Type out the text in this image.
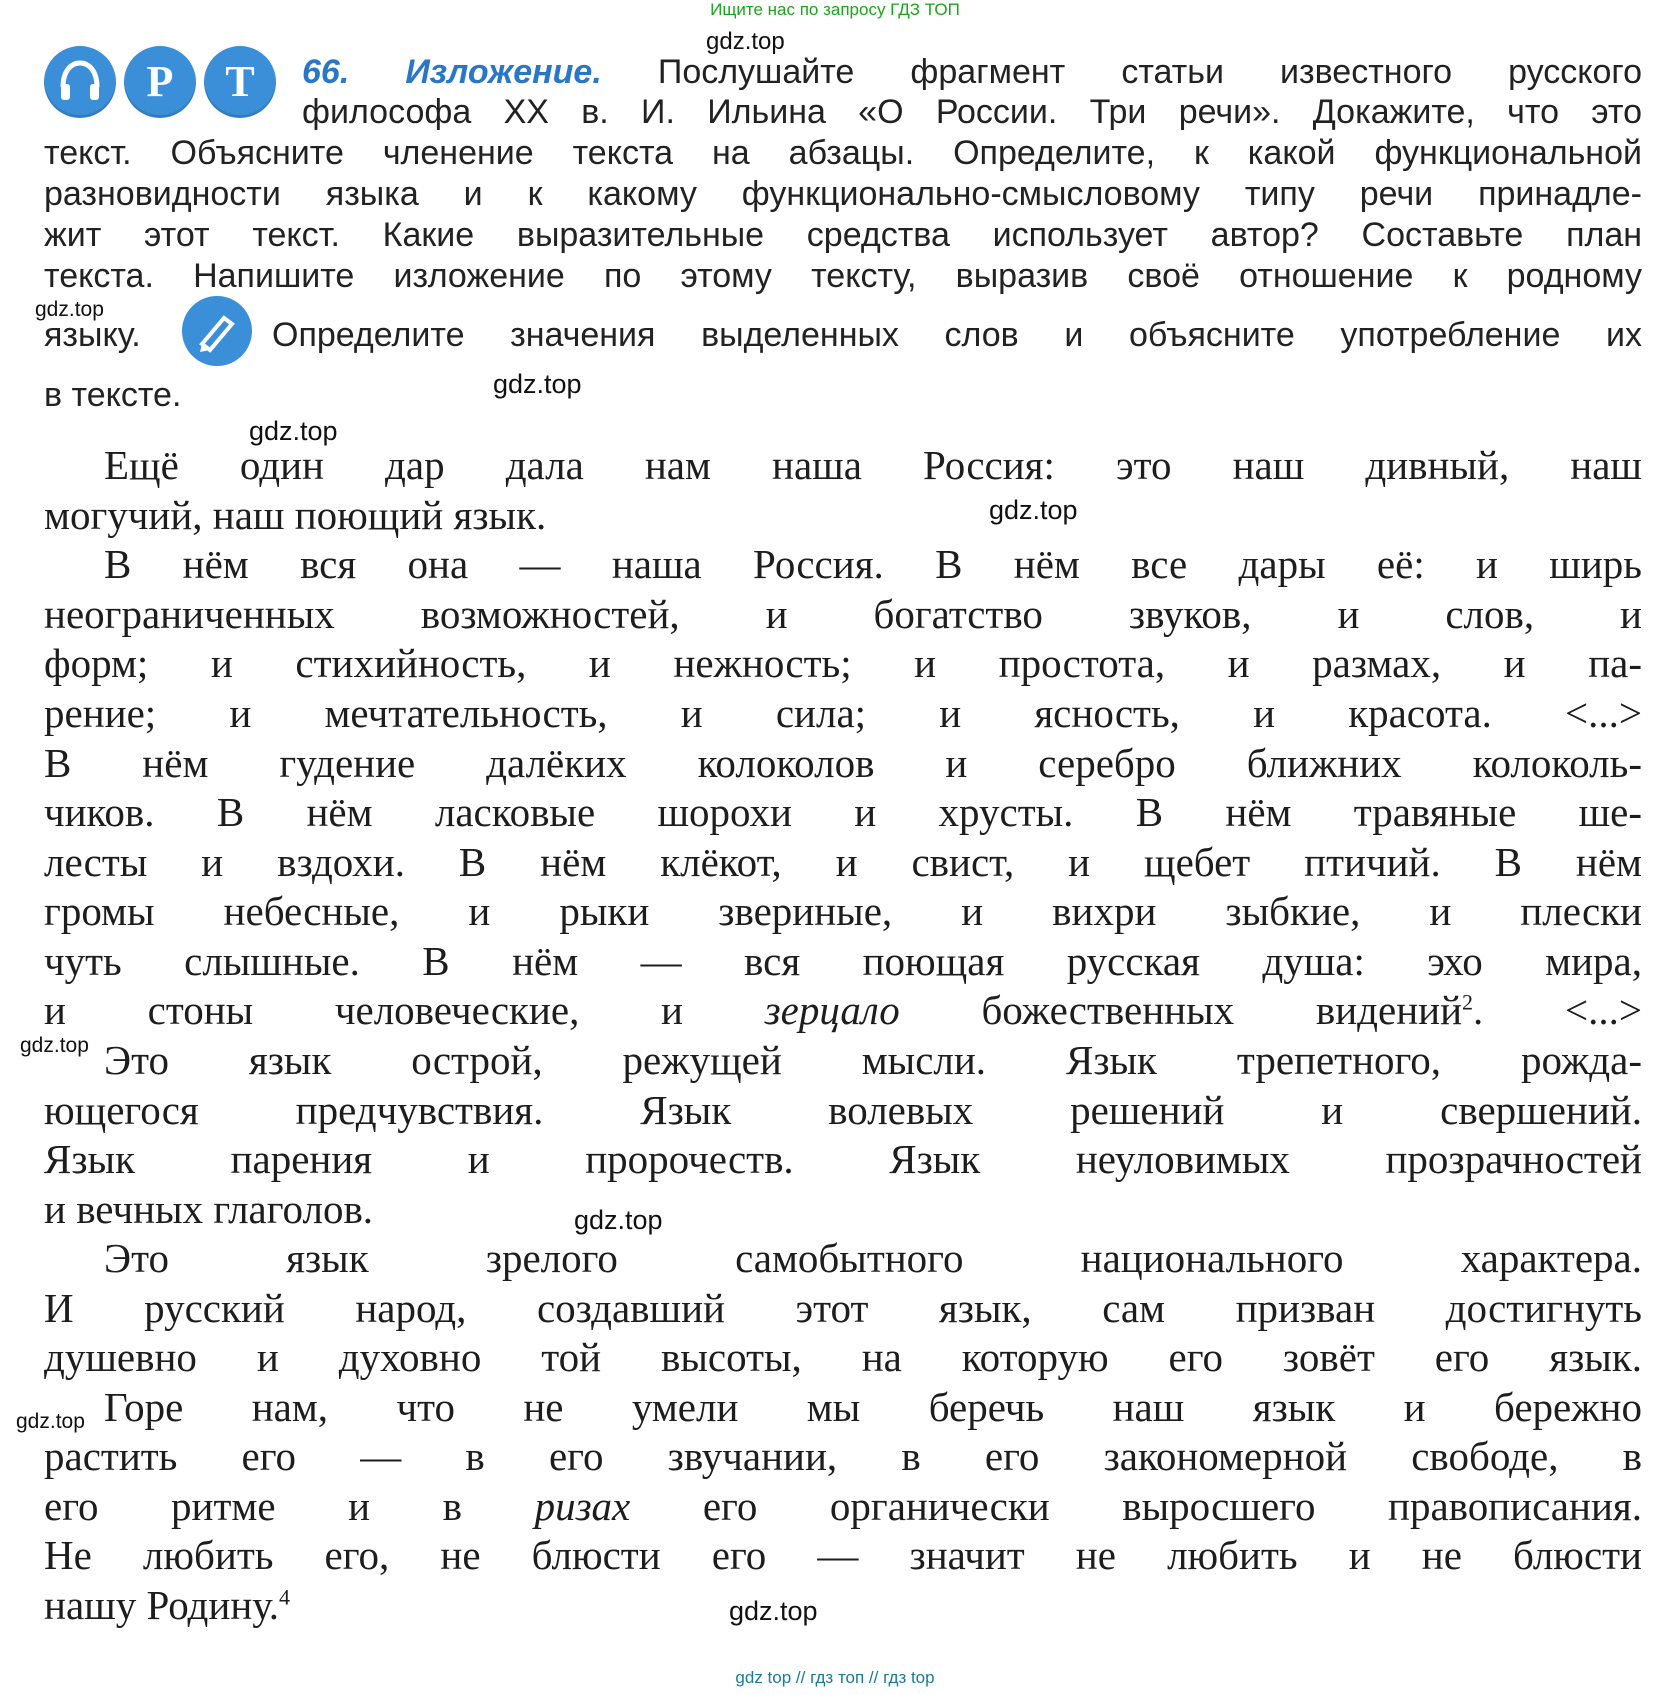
Ищите нас по запросу ГДЗ ТОП
Р Т 66. Изложение. Послушайте фрагмент статьи известного русского
философа XX в. И. Ильина «О России. Три речи». Докажите, что это
текст. Объясните членение текста на абзацы. Определите, к какой функциональной
разновидности языка и к какому функционально-смысловому типу речи принадле-
жит этот текст. Какие выразительные средства использует автор? Составьте план
текста. Напишите изложение по этому тексту, выразив своё отношение к родному
языку.	Определите значения выделенных слов и объясните употребление их
в тексте.
Ещё один дар дала нам наша Россия: это наш дивный, наш
могучий, наш поющий язык.
В нём вся она — наша Россия. В нём все дары её: и ширь
неограниченных возможностей, и богатство звуков, и слов, и
форм; и стихийность, и нежность; и простота, и размах, и па-
рение; и мечтательность, и сила; и ясность, и красота. <...>
В нём гудение далёких колоколов и серебро ближних колоколь-
чиков. В нём ласковые шорохи и хрусты. В нём травяные ше-
лесты и вздохи. В нём клёкот, и свист, и щебет птичий. В нём
громы небесные, и рыки звериные, и вихри зыбкие, и плески
чуть слышные. В нём — вся поющая русская душа: эхо мира,
и стоны человеческие, и зерцало божественных видений$^2$. <...>
Это язык острой, режущей мысли. Язык трепетного, рожда-
ющегося предчувствия. Язык волевых решений и свершений.
Язык парения и пророчеств. Язык неуловимых прозрачностей
и вечных глаголов.
Это язык зрелого самобытного национального характера.
И русский народ, создавший этот язык, сам призван достигнуть
душевно и духовно той высоты, на которую его зовёт его язык.
Горе нам, что не умели мы беречь наш язык и бережно
растить его — в его звучании, в его закономерной свободе, в
его ритме и в ризах его органически выросшего правописания.
Не любить его, не блюсти его — значит не любить и не блюсти
нашу Родину.$^4$
gdz.top
gdz.top
gdz.top
gdz.top
gdz.top
gdz.top
gdz.top
gdz.top
gdz.top
gdz top // гдз топ // гдз top
